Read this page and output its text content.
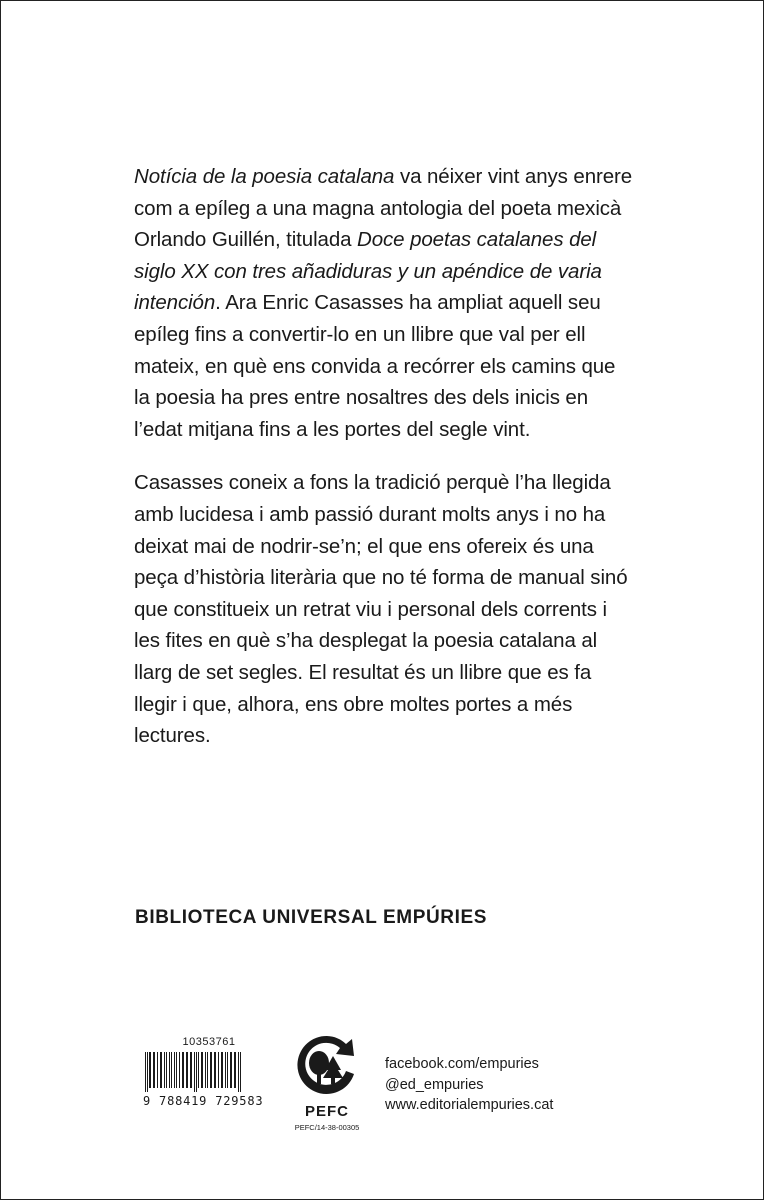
Notícia de la poesia catalana va néixer vint anys enrere com a epíleg a una magna antologia del poeta mexicà Orlando Guillén, titulada Doce poetas catalanes del siglo XX con tres añadiduras y un apéndice de varia intención. Ara Enric Casasses ha ampliat aquell seu epíleg fins a convertir-lo en un llibre que val per ell mateix, en què ens convida a recórrer els camins que la poesia ha pres entre nosaltres des dels inicis en l’edat mitjana fins a les portes del segle vint.

Casasses coneix a fons la tradició perquè l’ha llegida amb lucidesa i amb passió durant molts anys i no ha deixat mai de nodrir-se’n; el que ens ofereix és una peça d’història literària que no té forma de manual sinó que constitueix un retrat viu i personal dels corrents i les fites en què s’ha desplegat la poesia catalana al llarg de set segles. El resultat és un llibre que es fa llegir i que, alhora, ens obre moltes portes a més lectures.

BIBLIOTECA UNIVERSAL EMPÚRIES
10353761
9 788419 729583
PEFC
PEFC/14-38-00305
facebook.com/empuries
@ed_empuries
www.editorialempuries.cat
